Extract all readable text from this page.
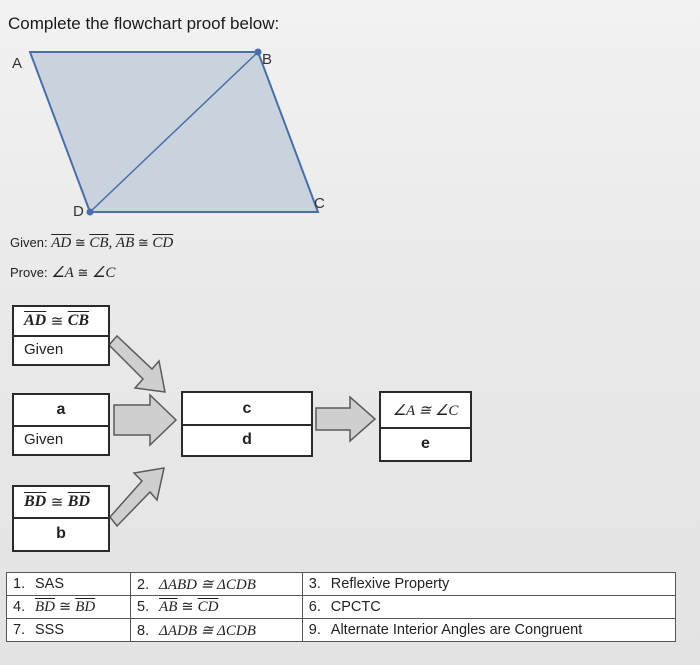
Complete the flowchart proof below:
A	B
C
D
Given: $\overline{AD}$ ≅ $\overline{CB}$, $\overline{AB}$ ≅ $\overline{CD}$
Prove: ∠A ≅ ∠C
$\overline{AD}$
≅
$\overline{CB}$
Given
a
Given
$\overline{BD}$
≅
$\overline{BD}$
b
c
d
∠A ≅ ∠C
e
1. SAS	2. ΔABD ≅ ΔCDB	3. Reflexive Property
4. $\overline{BD}$ ≅ $\overline{BD}$	5. $\overline{AB}$ ≅ $\overline{CD}$	6. CPCTC
7. SSS	8. ΔADB ≅ ΔCDB	9. Alternate Interior Angles are Congruent
